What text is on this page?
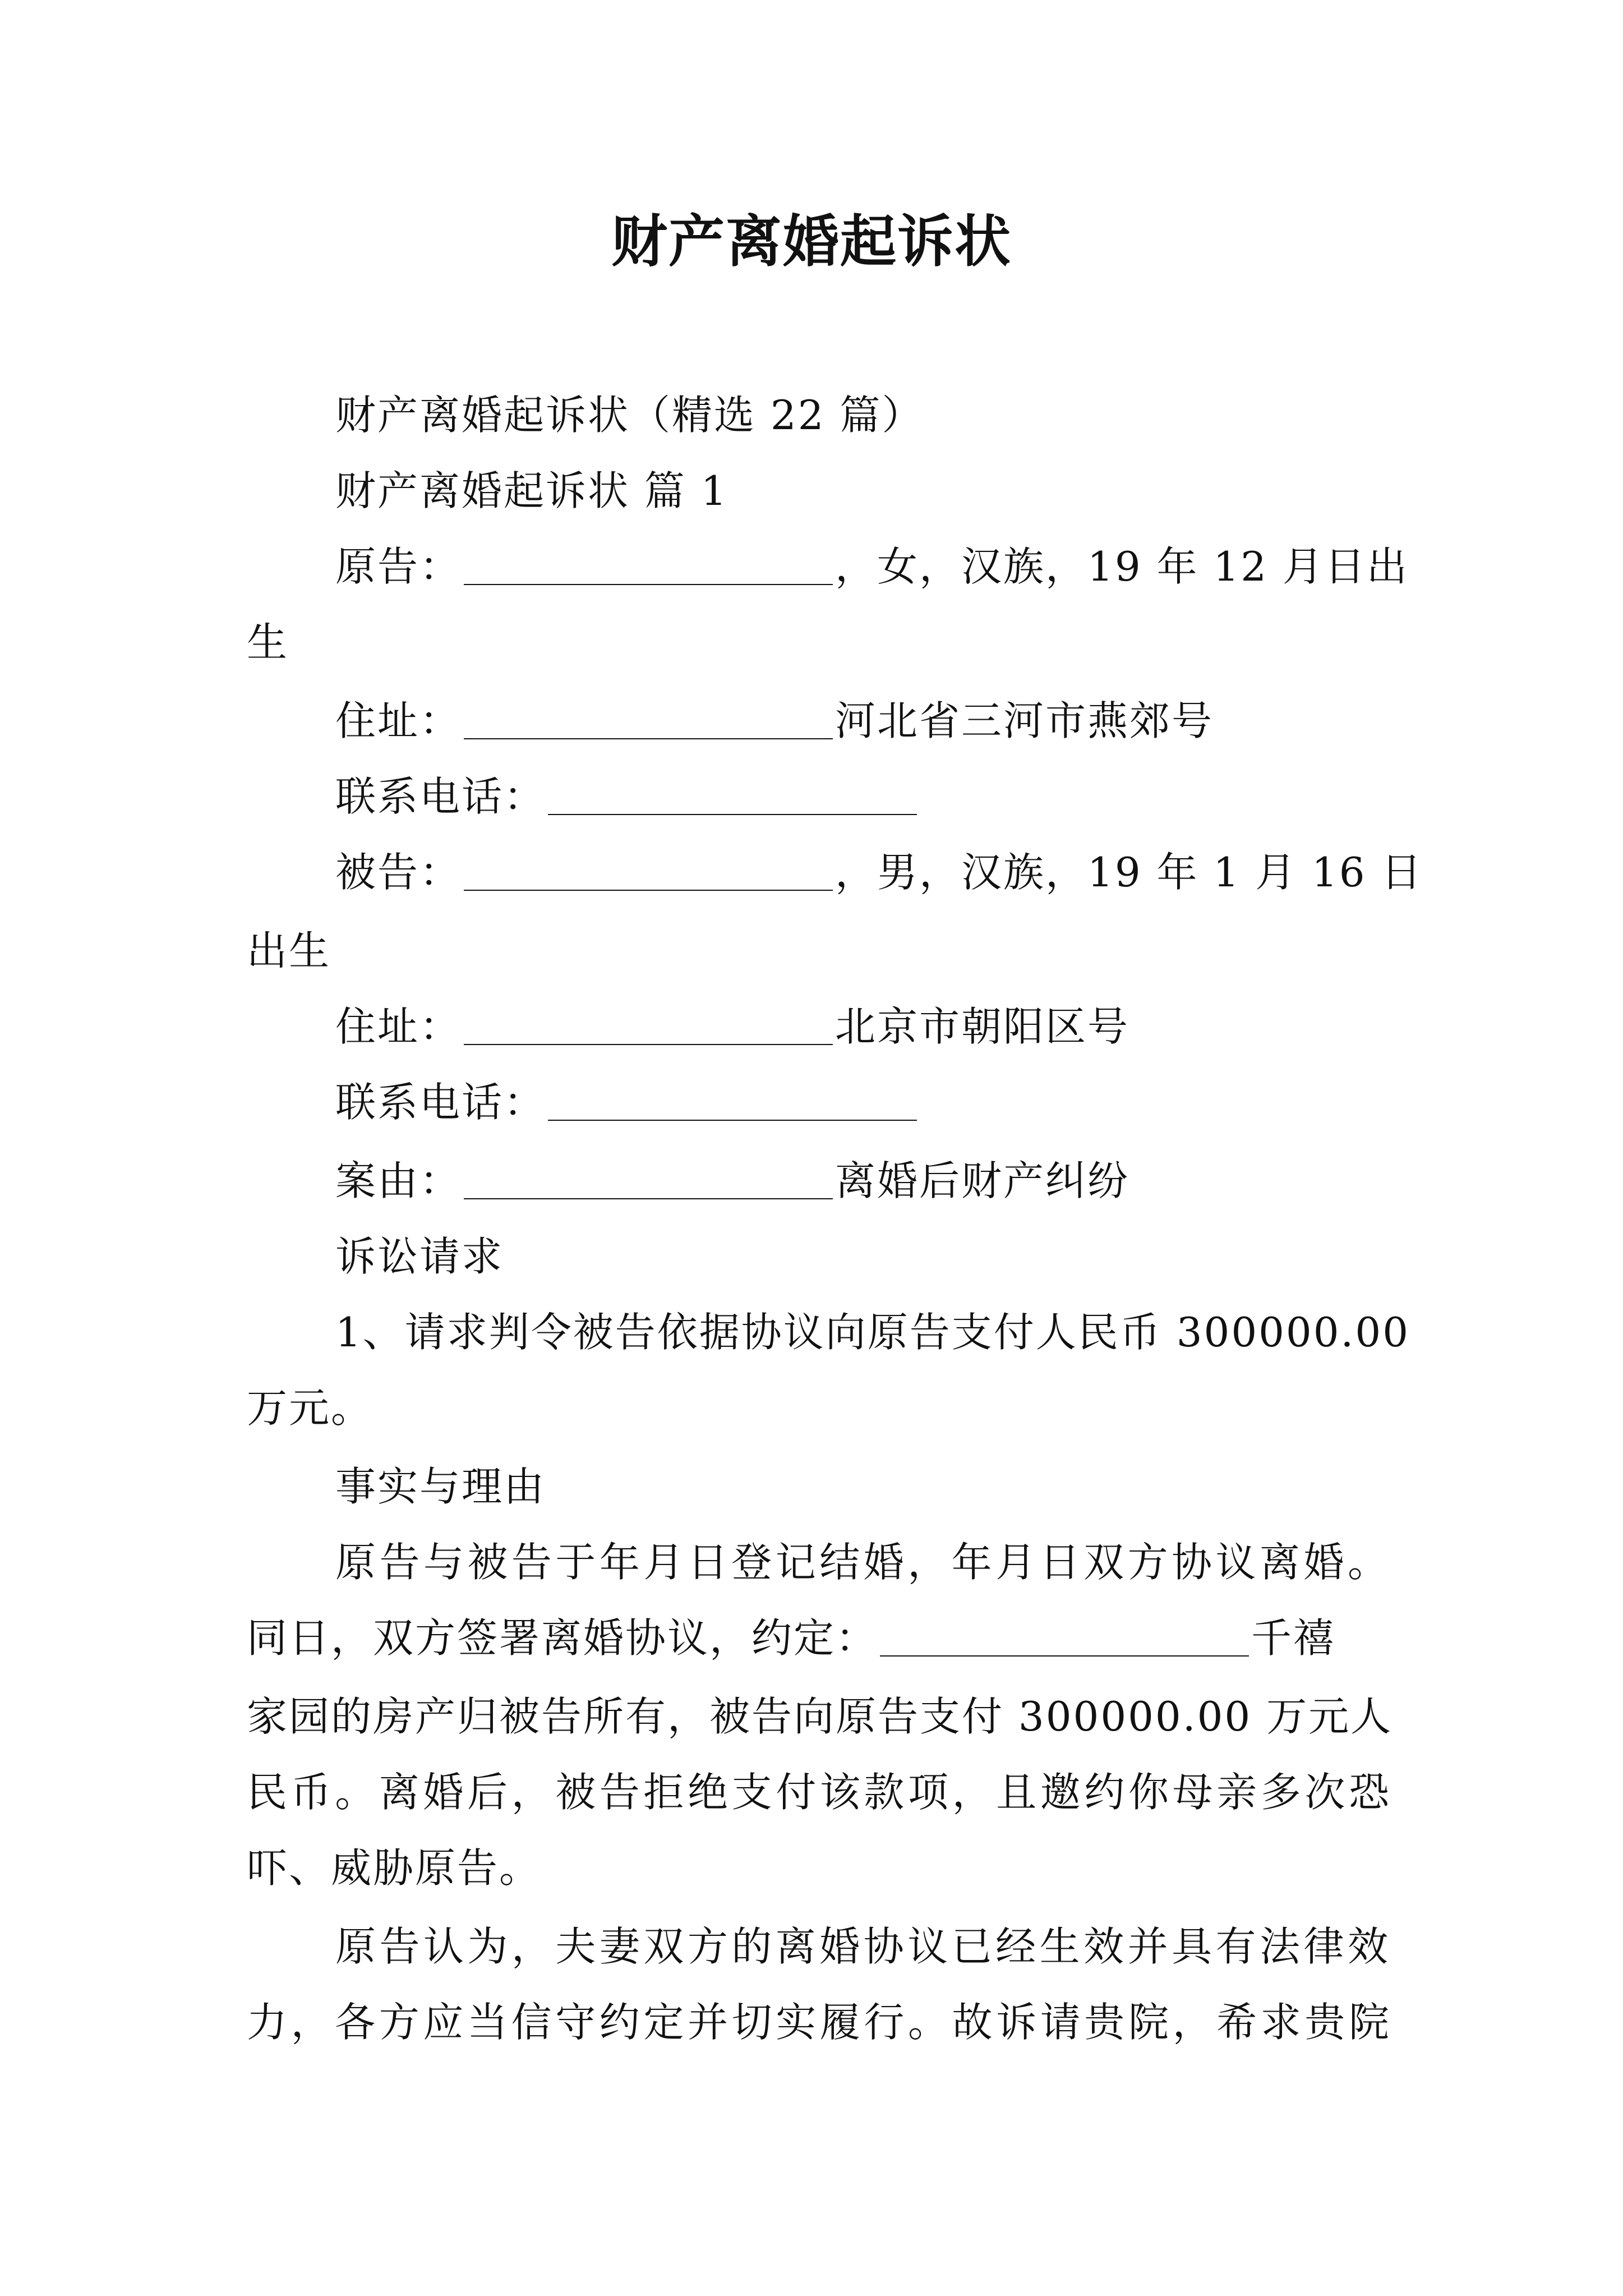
财产离婚起诉状
财产离婚起诉状（精选 22 篇）
财产离婚起诉状 篇 1
原告：	，女，汉族，19 年 12 月日出
生
住址：	河北省三河市燕郊号
联系电话：
被告：	，男，汉族，19 年 1 月 16 日
出生
住址：	北京市朝阳区号
联系电话：
案由：	离婚后财产纠纷
诉讼请求
1、请求判令被告依据协议向原告支付人民币 300000.00
万元。
事实与理由
原告与被告于年月日登记结婚，年月日双方协议离婚。
同日，双方签署离婚协议，约定：	千禧
家园的房产归被告所有，被告向原告支付 300000.00 万元人
民币。离婚后，被告拒绝支付该款项，且邀约你母亲多次恐
吓、威胁原告。
原告认为，夫妻双方的离婚协议已经生效并具有法律效
力，各方应当信守约定并切实履行。故诉请贵院，希求贵院
